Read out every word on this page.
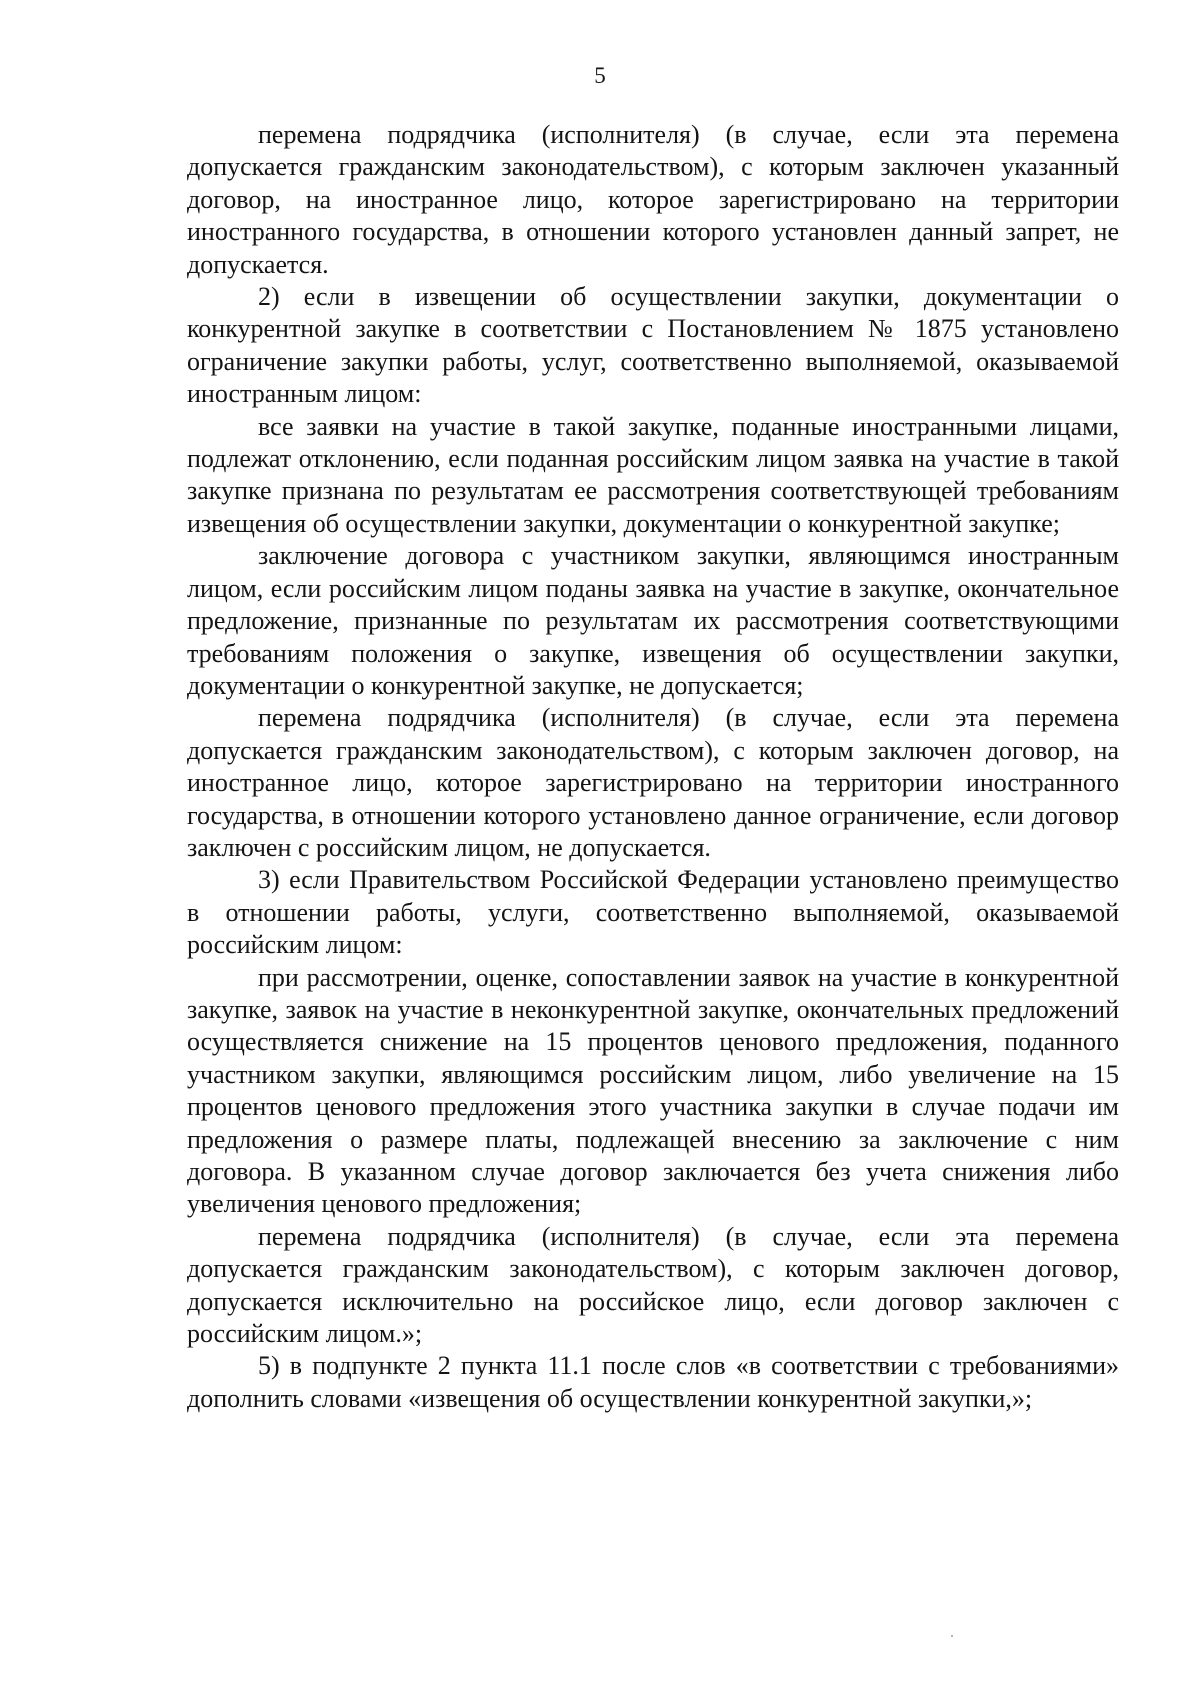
5

перемена подрядчика (исполнителя) (в случае, если эта перемена допускается гражданским законодательством), с которым заключен указанный договор, на иностранное лицо, которое зарегистрировано на территории иностранного государства, в отношении которого установлен данный запрет, не допускается.

2) если в извещении об осуществлении закупки, документации о конкурентной закупке в соответствии с Постановлением № 1875 установлено ограничение закупки работы, услуг, соответственно выполняемой, оказываемой иностранным лицом:

все заявки на участие в такой закупке, поданные иностранными лицами, подлежат отклонению, если поданная российским лицом заявка на участие в такой закупке признана по результатам ее рассмотрения соответствующей требованиям извещения об осуществлении закупки, документации о конкурентной закупке;

заключение договора с участником закупки, являющимся иностранным лицом, если российским лицом поданы заявка на участие в закупке, окончательное предложение, признанные по результатам их рассмотрения соответствующими требованиям положения о закупке, извещения об осуществлении закупки, документации о конкурентной закупке, не допускается;

перемена подрядчика (исполнителя) (в случае, если эта перемена допускается гражданским законодательством), с которым заключен договор, на иностранное лицо, которое зарегистрировано на территории иностранного государства, в отношении которого установлено данное ограничение, если договор заключен с российским лицом, не допускается.

3) если Правительством Российской Федерации установлено преимущество в отношении работы, услуги, соответственно выполняемой, оказываемой российским лицом:

при рассмотрении, оценке, сопоставлении заявок на участие в конкурентной закупке, заявок на участие в неконкурентной закупке, окончательных предложений осуществляется снижение на 15 процентов ценового предложения, поданного участником закупки, являющимся российским лицом, либо увеличение на 15 процентов ценового предложения этого участника закупки в случае подачи им предложения о размере платы, подлежащей внесению за заключение с ним договора. В указанном случае договор заключается без учета снижения либо увеличения ценового предложения;

перемена подрядчика (исполнителя) (в случае, если эта перемена допускается гражданским законодательством), с которым заключен договор, допускается исключительно на российское лицо, если договор заключен с российским лицом.»;

5) в подпункте 2 пункта 11.1 после слов «в соответствии с требованиями» дополнить словами «извещения об осуществлении конкурентной закупки,»;
